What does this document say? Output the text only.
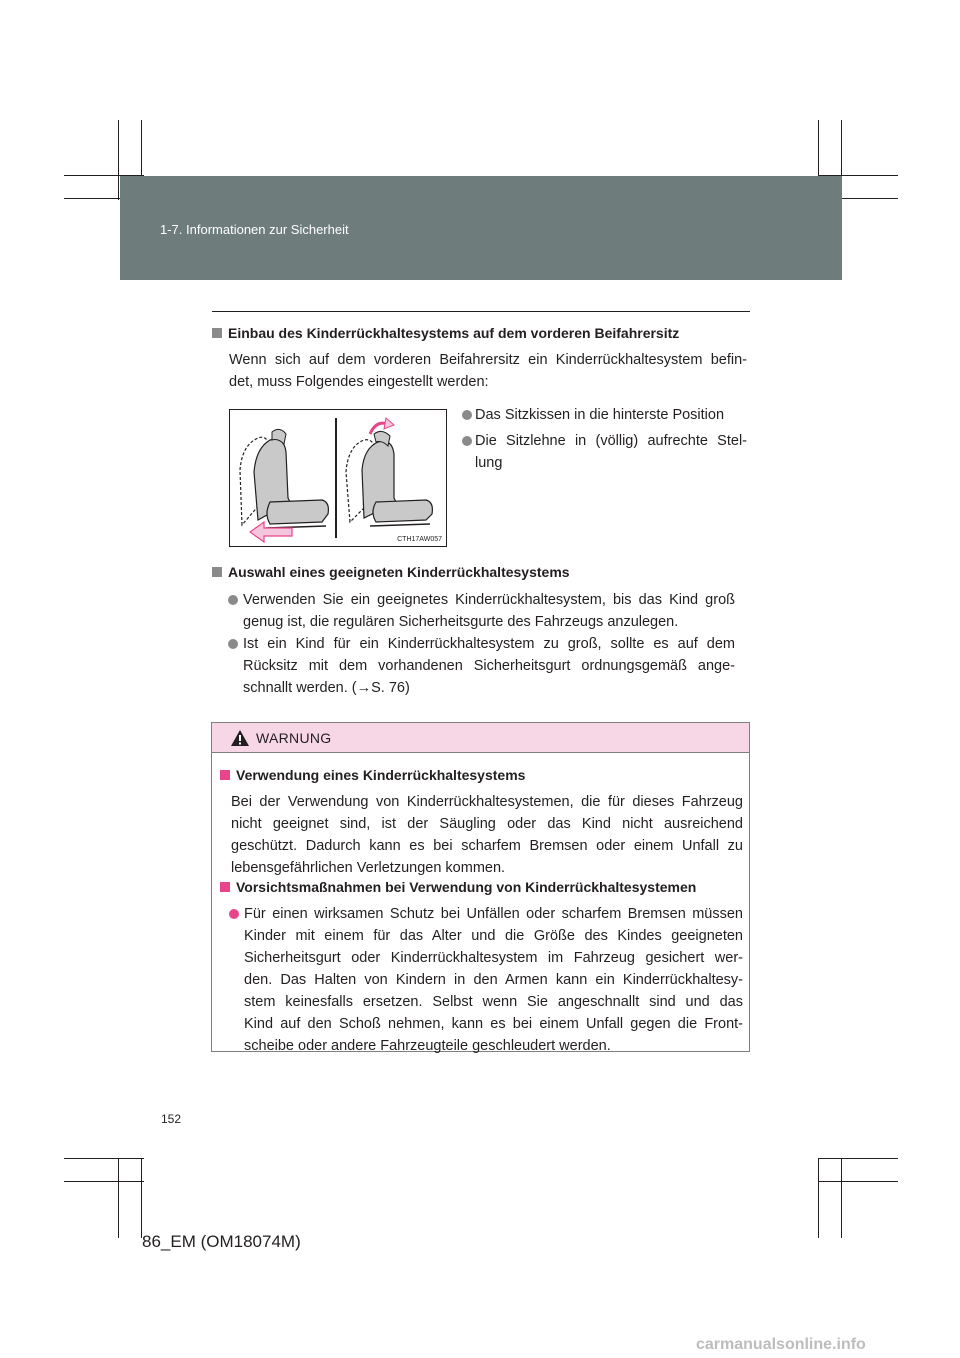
1-7. Informationen zur Sicherheit
Einbau des Kinderrückhaltesystems auf dem vorderen Beifahrersitz
Wenn sich auf dem vorderen Beifahrersitz ein Kinderrückhaltesystem befin-
det, muss Folgendes eingestellt werden:
CTH17AW057
Das Sitzkissen in die hinterste Position
Die Sitzlehne in (völlig) aufrechte Stel-
lung
Auswahl eines geeigneten Kinderrückhaltesystems
Verwenden Sie ein geeignetes Kinderrückhaltesystem, bis das Kind groß
genug ist, die regulären Sicherheitsgurte des Fahrzeugs anzulegen.
Ist ein Kind für ein Kinderrückhaltesystem zu groß, sollte es auf dem
Rücksitz mit dem vorhandenen Sicherheitsgurt ordnungsgemäß ange-
schnallt werden. (→S. 76)
WARNUNG
Verwendung eines Kinderrückhaltesystems
Bei der Verwendung von Kinderrückhaltesystemen, die für dieses Fahrzeug
nicht geeignet sind, ist der Säugling oder das Kind nicht ausreichend
geschützt. Dadurch kann es bei scharfem Bremsen oder einem Unfall zu
lebensgefährlichen Verletzungen kommen.
Vorsichtsmaßnahmen bei Verwendung von Kinderrückhaltesystemen
Für einen wirksamen Schutz bei Unfällen oder scharfem Bremsen müssen
Kinder mit einem für das Alter und die Größe des Kindes geeigneten
Sicherheitsgurt oder Kinderrückhaltesystem im Fahrzeug gesichert wer-
den. Das Halten von Kindern in den Armen kann ein Kinderrückhaltesy-
stem keinesfalls ersetzen. Selbst wenn Sie angeschnallt sind und das
Kind auf den Schoß nehmen, kann es bei einem Unfall gegen die Front-
scheibe oder andere Fahrzeugteile geschleudert werden.
152
86_EM (OM18074M)
carmanualsonline.info
